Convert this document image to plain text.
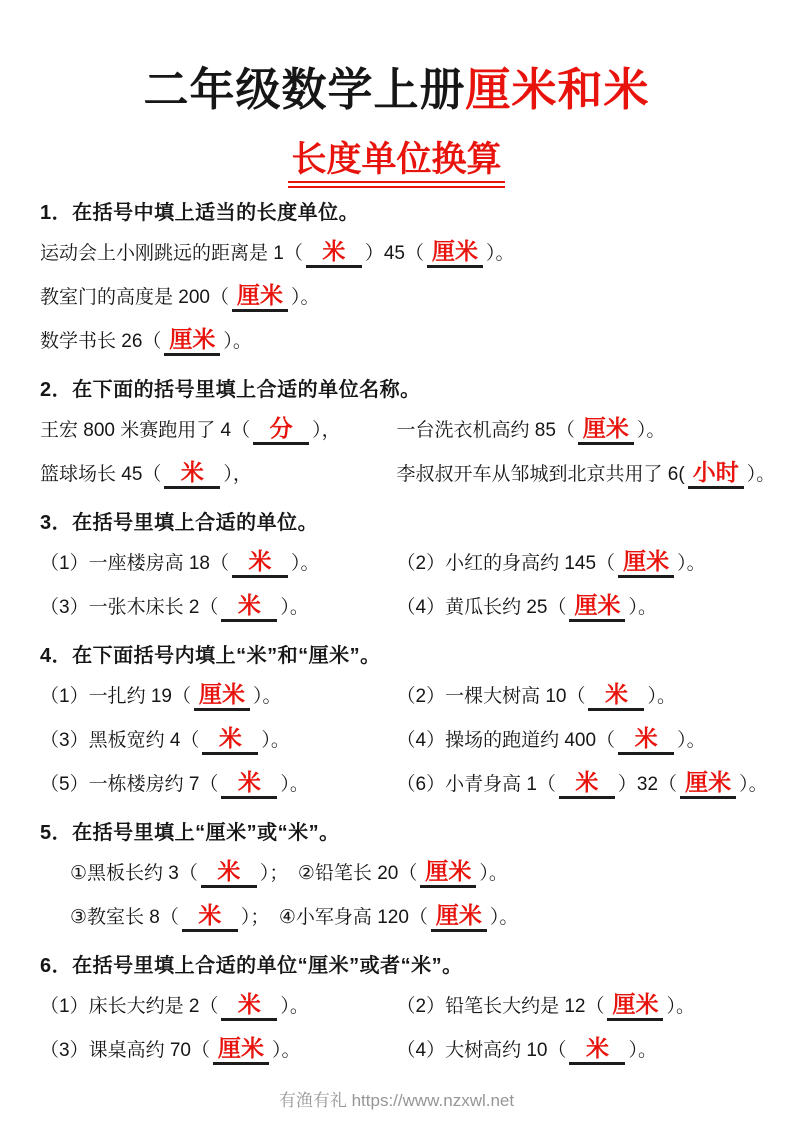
二年级数学上册厘米和米
长度单位换算
1．在括号中填上适当的长度单位。
运动会上小刚跳远的距离是 1（ 米 ）45（ 厘米 ）。
教室门的高度是 200（ 厘米 ）。
数学书长 26（ 厘米 ）。
2．在下面的括号里填上合适的单位名称。
王宏 800 米赛跑用了 4（ 分 ），	一台洗衣机高约 85（ 厘米 ）。
篮球场长 45（ 米 ），	李叔叔开车从邹城到北京共用了 6( 小时 ）。
3．在括号里填上合适的单位。
（1）一座楼房高 18（ 米 ）。	（2）小红的身高约 145（ 厘米 ）。
（3）一张木床长 2（ 米 ）。	（4）黄瓜长约 25（ 厘米 ）。
4．在下面括号内填上“米”和“厘米”。
（1）一扎约 19（ 厘米 ）。	（2）一棵大树高 10（ 米 ）。
（3）黑板宽约 4（ 米 ）。	（4）操场的跑道约 400（ 米 ）。
（5）一栋楼房约 7（ 米 ）。	（6）小青身高 1（ 米 ）32（ 厘米 ）。
5．在括号里填上“厘米”或“米”。
①黑板长约 3（ 米 ）；　②铅笔长 20（ 厘米 ）。
③教室长 8（ 米 ）；　④小军身高 120（ 厘米 ）。
6．在括号里填上合适的单位“厘米”或者“米”。
（1）床长大约是 2（ 米 ）。	（2）铅笔长大约是 12（ 厘米 ）。
（3）课桌高约 70（ 厘米 ）。	（4）大树高约 10（ 米 ）。
有渔有礼 https://www.nzxwl.net
